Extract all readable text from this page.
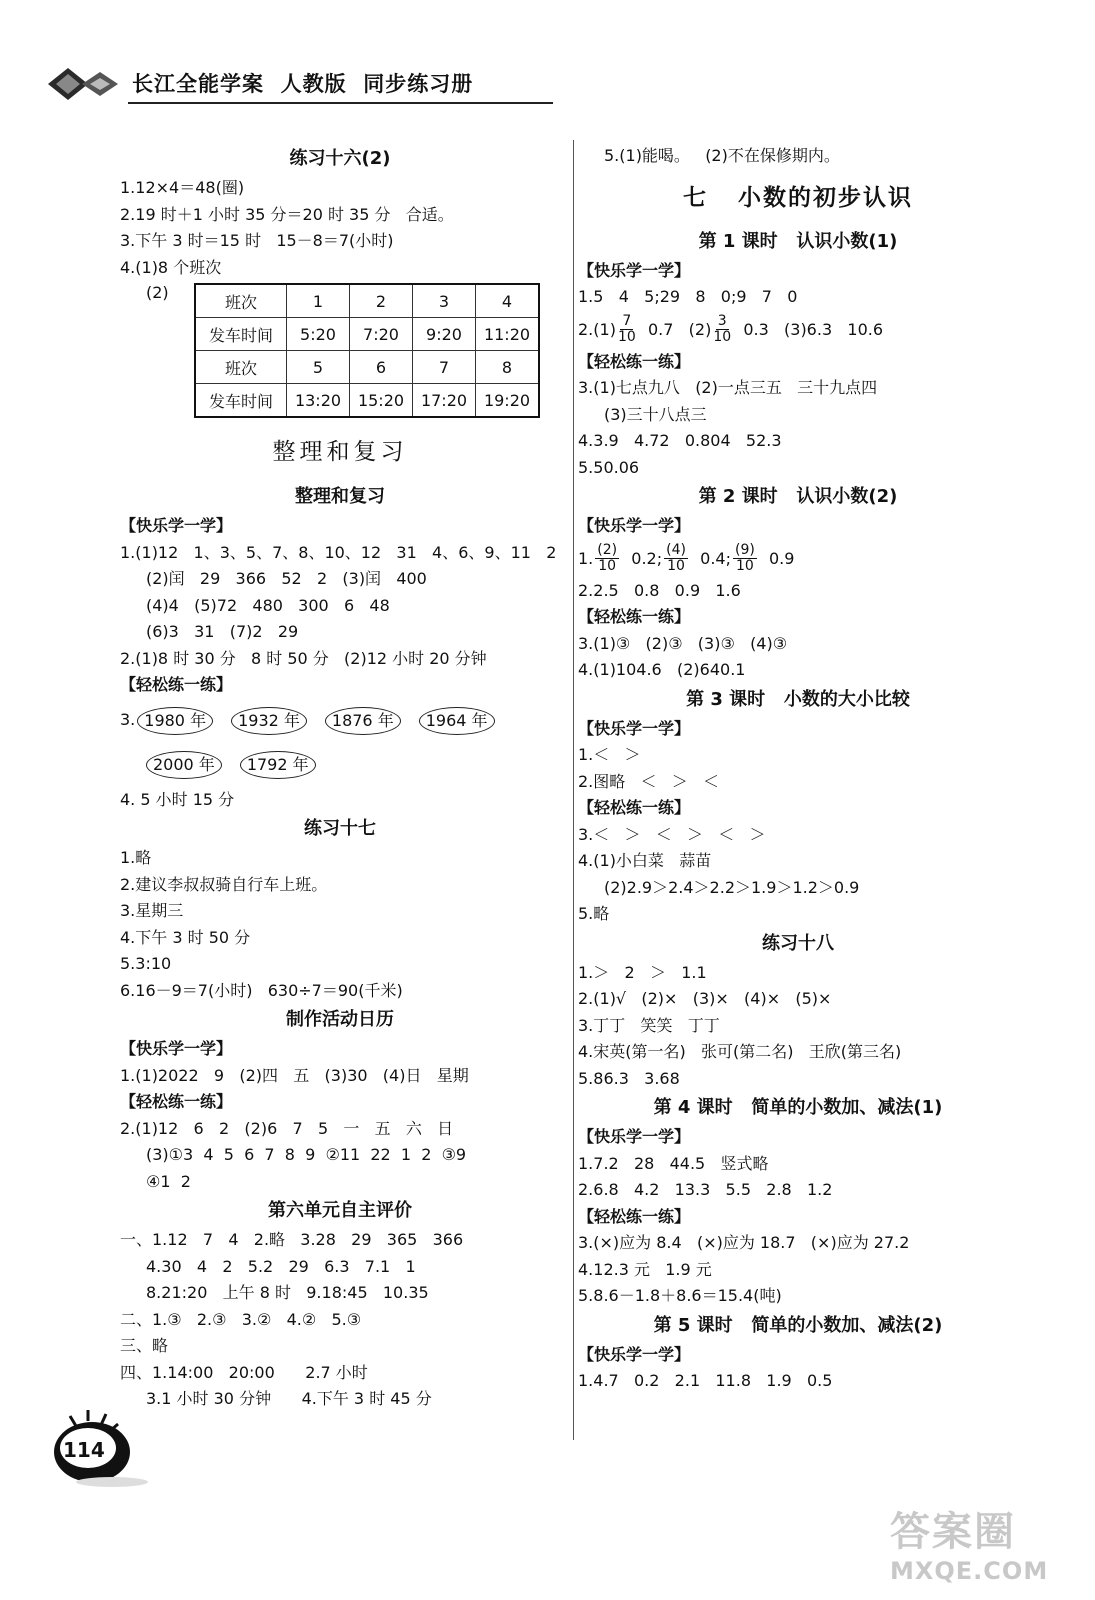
长江全能学案  人教版  同步练习册
练习十六(2)
1.12×4＝48(圈)
2.19 时＋1 小时 35 分＝20 时 35 分   合适。
3.下午 3 时＝15 时   15－8＝7(小时)
4.(1)8 个班次
(2)	班次	1	2	3	4
发车时间	5:20	7:20	9:20	11:20
班次	5	6	7	8
发车时间	13:20	15:20	17:20	19:20
整理和复习
整理和复习
【快乐学一学】
1.(1)12   1、3、5、7、8、10、12   31   4、6、9、11   2
(2)闰   29   366   52   2   (3)闰   400
(4)4   (5)72   480   300   6   48
(6)3   31   (7)2   29
2.(1)8 时 30 分   8 时 50 分   (2)12 小时 20 分钟
【轻松练一练】
3. 1980 年	1932 年	1876 年	1964 年
2000 年	1792 年
4. 5 小时 15 分
练习十七
1.略
2.建议李叔叔骑自行车上班。
3.星期三
4.下午 3 时 50 分
5.3:10
6.16－9＝7(小时)   630÷7＝90(千米)
制作活动日历
【快乐学一学】
1.(1)2022   9   (2)四   五   (3)30   (4)日   星期
【轻松练一练】
2.(1)12   6   2   (2)6   7   5   一   五   六   日
(3)①3  4  5  6  7  8  9  ②11  22  1  2  ③9
④1  2
第六单元自主评价
一、1.12   7   4   2.略   3.28   29   365   366
4.30   4   2   5.2   29   6.3   7.1   1
8.21:20   上午 8 时   9.18:45   10.35
二、1.③   2.③   3.②   4.②   5.③
三、略
四、1.14:00   20:00      2.7 小时
3.1 小时 30 分钟      4.下午 3 时 45 分
5.(1)能喝。   (2)不在保修期内。
七   小数的初步认识
第 1 课时   认识小数(1)
【快乐学一学】
1.5   4   5;29   8   0;9   7   0
$2.(1) \frac{7}{10} 0.7$   $(2) \frac{3}{10} 0.3$   (3)6.3   10.6
【轻松练一练】
3.(1)七点九八   (2)一点三五   三十九点四
(3)三十八点三
4.3.9   4.72   0.804   52.3
5.50.06
第 2 课时   认识小数(2)
【快乐学一学】
1. $\frac{(2)}{10} 0.2$; $\frac{(4)}{10} 0.4$; $\frac{(9)}{10} 0.9$
2.2.5   0.8   0.9   1.6
【轻松练一练】
3.(1)③   (2)③   (3)③   (4)③
4.(1)104.6   (2)640.1
第 3 课时   小数的大小比较
【快乐学一学】
1.＜   ＞
2.图略   ＜   ＞   ＜
【轻松练一练】
3.＜   ＞   ＜   ＞   ＜   ＞
4.(1)小白菜   蒜苗
(2)2.9＞2.4＞2.2＞1.9＞1.2＞0.9
5.略
练习十八
1.＞   2   ＞   1.1
2.(1)√   (2)×   (3)×   (4)×   (5)×
3.丁丁   笑笑   丁丁
4.宋英(第一名)   张可(第二名)   王欣(第三名)
5.86.3   3.68
第 4 课时   简单的小数加、减法(1)
【快乐学一学】
1.7.2   28   44.5   竖式略
2.6.8   4.2   13.3   5.5   2.8   1.2
【轻松练一练】
3.(×)应为 8.4   (×)应为 18.7   (×)应为 27.2
4.12.3 元   1.9 元
5.8.6－1.8＋8.6＝15.4(吨)
第 5 课时   简单的小数加、减法(2)
【快乐学一学】
1.4.7   0.2   2.1   11.8   1.9   0.5
114
答案圈
MXQE.COM
